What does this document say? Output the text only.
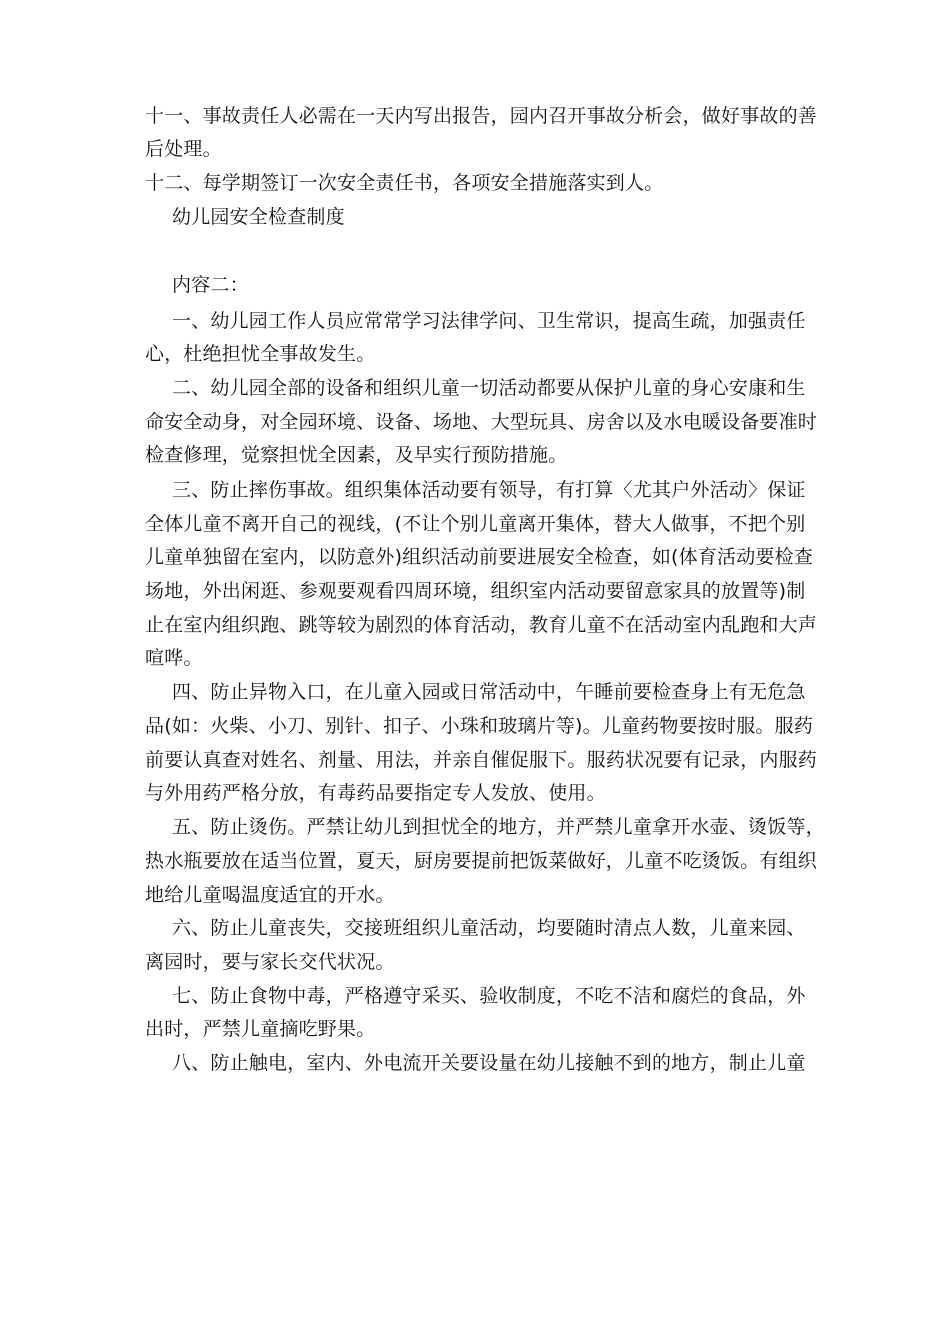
十一、事故责任人必需在一天内写出报告，园内召开事故分析会，做好事故的善
后处理。
十二、每学期签订一次安全责任书，各项安全措施落实到人。
幼儿园安全检查制度
内容二：
一、幼儿园工作人员应常常学习法律学问、卫生常识，提高生疏，加强责任
心，杜绝担忧全事故发生。
二、幼儿园全部的设备和组织儿童一切活动都要从保护儿童的身心安康和生
命安全动身，对全园环境、设备、场地、大型玩具、房舍以及水电暖设备要准时
检查修理，觉察担忧全因素，及早实行预防措施。
三、防止摔伤事故。组织集体活动要有领导，有打算〈尤其户外活动〉保证
全体儿童不离开自己的视线，(不让个别儿童离开集体，替大人做事，不把个别
儿童单独留在室内，以防意外)组织活动前要进展安全检查，如(体育活动要检查
场地，外出闲逛、参观要观看四周环境，组织室内活动要留意家具的放置等)制
止在室内组织跑、跳等较为剧烈的体育活动，教育儿童不在活动室内乱跑和大声
喧哗。
四、防止异物入口，在儿童入园或日常活动中，午睡前要检查身上有无危急
品(如：火柴、小刀、别针、扣子、小珠和玻璃片等)。儿童药物要按时服。服药
前要认真查对姓名、剂量、用法，并亲自催促服下。服药状况要有记录，内服药
与外用药严格分放，有毒药品要指定专人发放、使用。
五、防止烫伤。严禁让幼儿到担忧全的地方，并严禁儿童拿开水壶、烫饭等，
热水瓶要放在适当位置，夏天，厨房要提前把饭菜做好，儿童不吃烫饭。有组织
地给儿童喝温度适宜的开水。
六、防止儿童丧失，交接班组织儿童活动，均要随时清点人数，儿童来园、
离园时，要与家长交代状况。
七、防止食物中毒，严格遵守采买、验收制度，不吃不洁和腐烂的食品，外
出时，严禁儿童摘吃野果。
八、防止触电，室内、外电流开关要设量在幼儿接触不到的地方，制止儿童
